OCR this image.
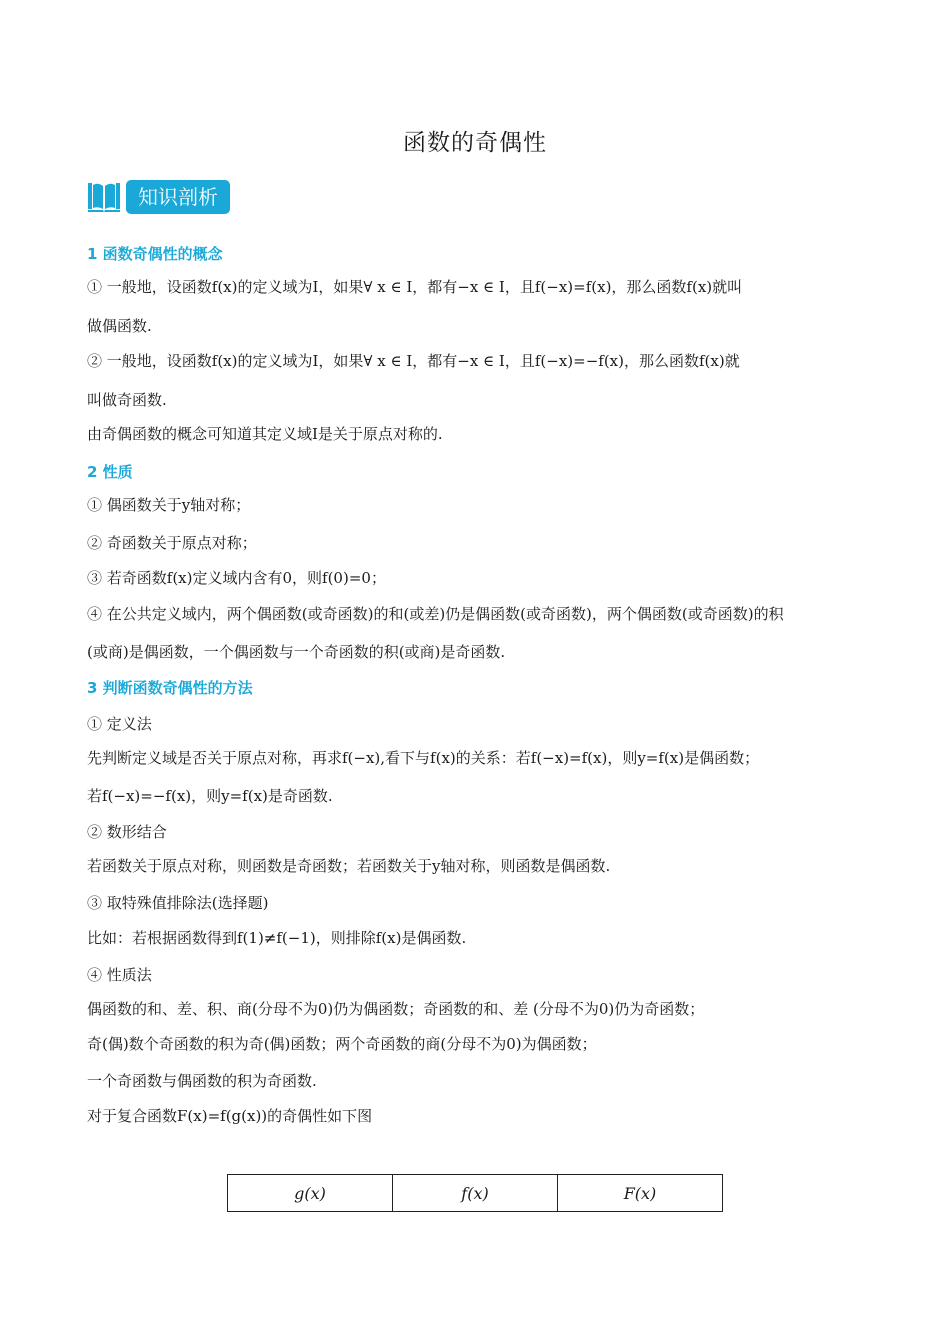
函数的奇偶性
知识剖析
1 函数奇偶性的概念
① 一般地，设函数f(x)的定义域为I，如果∀ x ∈ I，都有−x ∈ I，且f(−x)=f(x)，那么函数f(x)就叫
做偶函数.
② 一般地，设函数f(x)的定义域为I，如果∀ x ∈ I，都有−x ∈ I，且f(−x)=−f(x)，那么函数f(x)就
叫做奇函数.
由奇偶函数的概念可知道其定义域I是关于原点对称的.
2 性质
① 偶函数关于y轴对称；
② 奇函数关于原点对称；
③ 若奇函数f(x)定义域内含有0，则f(0)=0；
④ 在公共定义域内，两个偶函数(或奇函数)的和(或差)仍是偶函数(或奇函数)，两个偶函数(或奇函数)的积
(或商)是偶函数，一个偶函数与一个奇函数的积(或商)是奇函数.
3 判断函数奇偶性的方法
① 定义法
先判断定义域是否关于原点对称，再求f(−x),看下与f(x)的关系：若f(−x)=f(x)，则y=f(x)是偶函数；
若f(−x)=−f(x)，则y=f(x)是奇函数.
② 数形结合
若函数关于原点对称，则函数是奇函数；若函数关于y轴对称，则函数是偶函数.
③ 取特殊值排除法(选择题)
比如：若根据函数得到f(1)≠f(−1)，则排除f(x)是偶函数.
④ 性质法
偶函数的和、差、积、商(分母不为0)仍为偶函数；奇函数的和、差 (分母不为0)仍为奇函数；
奇(偶)数个奇函数的积为奇(偶)函数；两个奇函数的商(分母不为0)为偶函数；
一个奇函数与偶函数的积为奇函数.
对于复合函数F(x)=f(g(x))的奇偶性如下图
g(x)	f(x)	F(x)
